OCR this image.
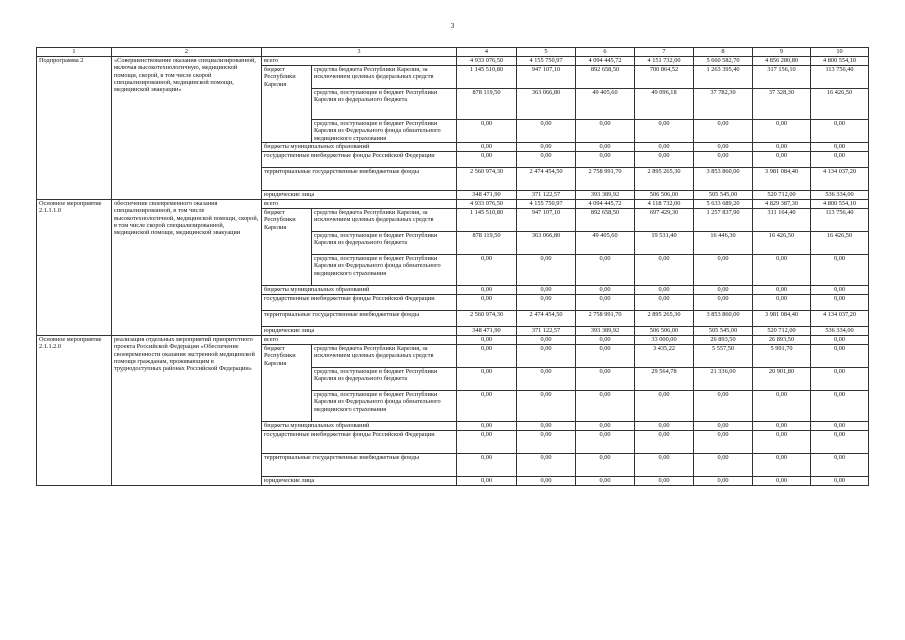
3
1	2	3		4	5	6	7	8	9	10
Подпрограмма 2	«Совершенствование оказания специализированной, включая высокотехнологичную, медицинской помощи, скорой, в том числе скорой специализированной, медицинской помощи, медицинской эвакуации»	всего		4 933 076,50	4 155 750,97	4 094 445,72	4 151 732,00	5 660 582,70	4 856 280,80	4 800 554,10
		бюджет Республики Карелия	средства бюджета Республики Карелия, за исключением целевых федеральных средств	1 145 510,80	947 107,10	892 658,50	700 864,52	1 263 395,40	317 156,10	113 756,40
			средства, поступающие в бюджет Республики Карелия из федерального бюджета	878 119,50	363 066,80	49 405,60	49 096,18	37 782,30	37 328,30	16 426,50
			средства, поступающие в бюджет Республики Карелия из Федерального фонда обязательного медицинского страхования	0,00	0,00	0,00	0,00	0,00	0,00	0,00
		бюджеты муниципальных образований		0,00	0,00	0,00	0,00	0,00	0,00	0,00
		государственные внебюджетные фонды Российской Федерации		0,00	0,00	0,00	0,00	0,00	0,00	0,00
		территориальные государственные внебюджетные фонды		2 560 974,30	2 474 454,50	2 758 991,70	2 895 265,30	3 853 860,00	3 981 084,40	4 134 037,20
		юридические лица		348 471,90	371 122,57	393 389,92	506 506,00	505 545,00	520 712,00	536 334,00
Основное мероприятие 2.1.1.1.0	обеспечение своевременного оказания специализированной, в том числе высокотехнологичной, медицинской помощи, скорой, в том числе скорой специализированной, медицинской помощи, медицинской эвакуации	всего		4 933 076,50	4 155 750,97	4 094 445,72	4 118 732,00	5 633 689,20	4 829 387,30	4 800 554,10
		бюджет Республики Карелия	средства бюджета Республики Карелия, за исключением целевых федеральных средств	1 145 510,80	947 107,10	892 658,50	697 429,30	1 257 837,90	311 164,40	113 756,40
			средства, поступающие в бюджет Республики Карелия из федерального бюджета	878 119,50	363 066,80	49 405,60	19 531,40	16 446,30	16 426,50	16 426,50
			средства, поступающие в бюджет Республики Карелия из Федерального фонда обязательного медицинского страхования	0,00	0,00	0,00	0,00	0,00	0,00	0,00
		бюджеты муниципальных образований		0,00	0,00	0,00	0,00	0,00	0,00	0,00
		государственные внебюджетные фонды Российской Федерации		0,00	0,00	0,00	0,00	0,00	0,00	0,00
		территориальные государственные внебюджетные фонды		2 560 974,30	2 474 454,50	2 758 991,70	2 895 265,30	3 853 860,00	3 981 084,40	4 134 037,20
		юридические лица		348 471,90	371 122,57	393 389,92	506 506,00	505 545,00	520 712,00	536 334,00
Основное мероприятие 2.1.1.2.0	реализация отдельных мероприятий приоритетного проекта Российской Федерации «Обеспечение своевременности оказания экстренной медицинской помощи гражданам, проживающим в труднодоступных районах Российской Федерации»	всего		0,00	0,00	0,00	33 000,00	26 893,50	26 893,50	0,00
		бюджет Республики Карелия	средства бюджета Республики Карелия, за исключением целевых федеральных средств	0,00	0,00	0,00	3 435,22	5 557,50	5 991,70	0,00
			средства, поступающие в бюджет Республики Карелия из федерального бюджета	0,00	0,00	0,00	29 564,78	21 336,00	20 901,80	0,00
			средства, поступающие в бюджет Республики Карелия из Федерального фонда обязательного медицинского страхования	0,00	0,00	0,00	0,00	0,00	0,00	0,00
		бюджеты муниципальных образований		0,00	0,00	0,00	0,00	0,00	0,00	0,00
		государственные внебюджетные фонды Российской Федерации		0,00	0,00	0,00	0,00	0,00	0,00	0,00
		территориальные государственные внебюджетные фонды		0,00	0,00	0,00	0,00	0,00	0,00	0,00
		юридические лица		0,00	0,00	0,00	0,00	0,00	0,00	0,00
